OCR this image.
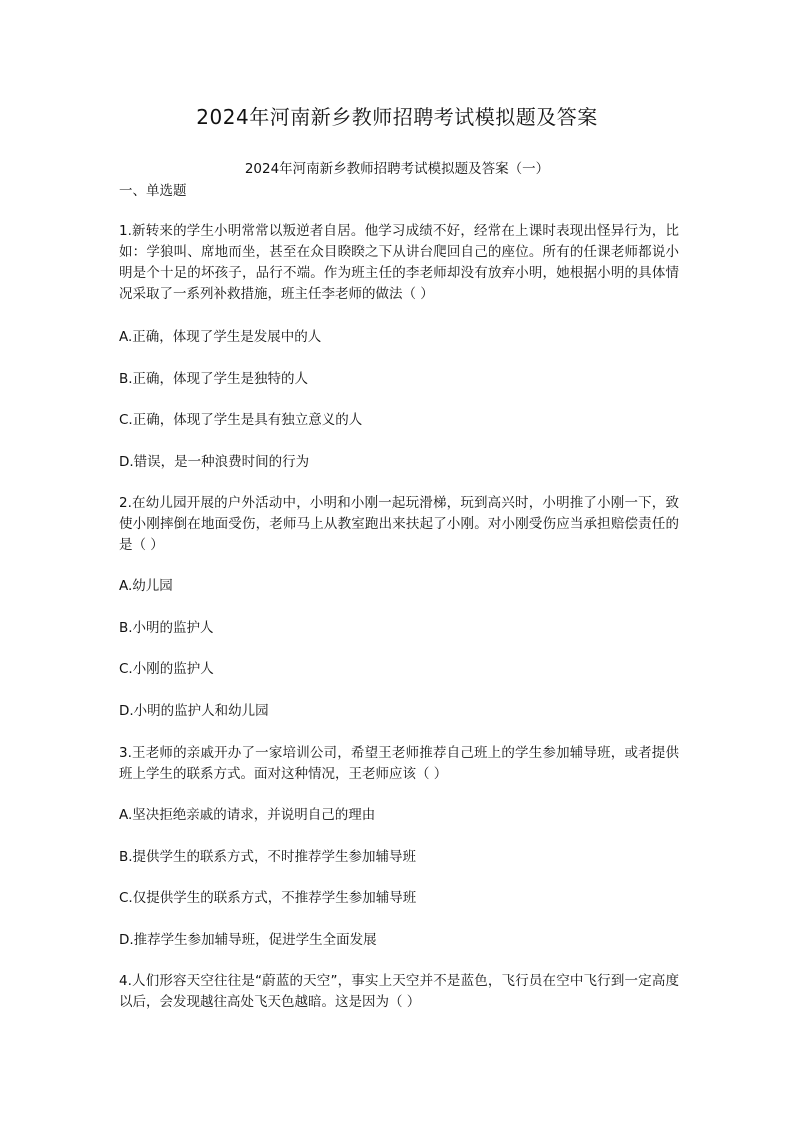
2024年河南新乡教师招聘考试模拟题及答案
2024年河南新乡教师招聘考试模拟题及答案（一）
一、单选题
1.新转来的学生小明常常以叛逆者自居。他学习成绩不好，经常在上课时表现出怪异行为，比如：学狼叫、席地而坐，甚至在众目睽睽之下从讲台爬回自己的座位。所有的任课老师都说小明是个十足的坏孩子，品行不端。作为班主任的李老师却没有放弃小明，她根据小明的具体情况采取了一系列补救措施，班主任李老师的做法（ ）
A.正确，体现了学生是发展中的人
B.正确，体现了学生是独特的人
C.正确，体现了学生是具有独立意义的人
D.错误，是一种浪费时间的行为
2.在幼儿园开展的户外活动中，小明和小刚一起玩滑梯，玩到高兴时，小明推了小刚一下，致使小刚摔倒在地面受伤，老师马上从教室跑出来扶起了小刚。对小刚受伤应当承担赔偿责任的是（ ）
A.幼儿园
B.小明的监护人
C.小刚的监护人
D.小明的监护人和幼儿园
3.王老师的亲戚开办了一家培训公司，希望王老师推荐自己班上的学生参加辅导班，或者提供班上学生的联系方式。面对这种情况，王老师应该（ ）
A.坚决拒绝亲戚的请求，并说明自己的理由
B.提供学生的联系方式，不时推荐学生参加辅导班
C.仅提供学生的联系方式，不推荐学生参加辅导班
D.推荐学生参加辅导班，促进学生全面发展
4.人们形容天空往往是“蔚蓝的天空”，事实上天空并不是蓝色，飞行员在空中飞行到一定高度以后，会发现越往高处飞天色越暗。这是因为（ ）
